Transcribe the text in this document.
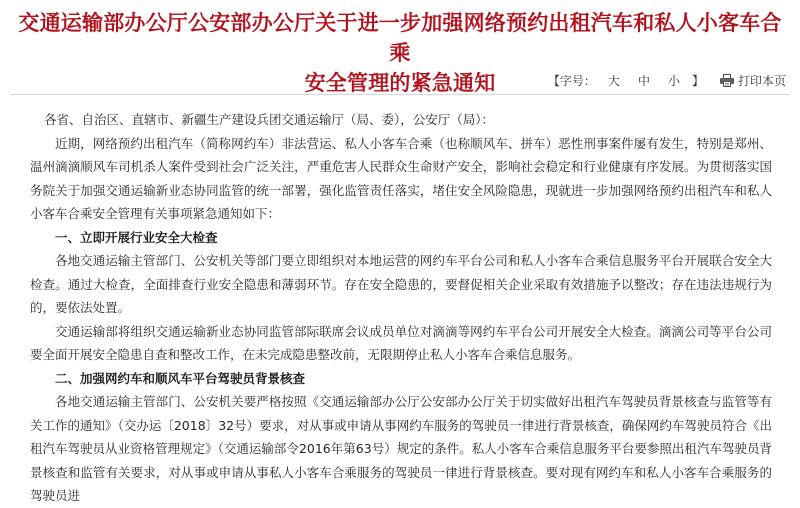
交通运输部办公厅公安部办公厅关于进一步加强网络预约出租汽车和私人小客车合乘
安全管理的紧急通知	【字号：	大	中	小	】	打印本页

各省、自治区、直辖市、新疆生产建设兵团交通运输厅（局、委），公安厅（局）：

近期，网络预约出租汽车（简称网约车）非法营运、私人小客车合乘（也称顺风车、拼车）恶性刑事案件屡有发生，特别是郑州、温州滴滴顺风车司机杀人案件受到社会广泛关注，严重危害人民群众生命财产安全，影响社会稳定和行业健康有序发展。为贯彻落实国务院关于加强交通运输新业态协同监管的统一部署，强化监管责任落实，堵住安全风险隐患，现就进一步加强网络预约出租汽车和私人小客车合乘安全管理有关事项紧急通知如下：

一、立即开展行业安全大检查

各地交通运输主管部门、公安机关等部门要立即组织对本地运营的网约车平台公司和私人小客车合乘信息服务平台开展联合安全大检查。通过大检查，全面排查行业安全隐患和薄弱环节。存在安全隐患的，要督促相关企业采取有效措施予以整改；存在违法违规行为的，要依法处置。

交通运输部将组织交通运输新业态协同监管部际联席会议成员单位对滴滴等网约车平台公司开展安全大检查。滴滴公司等平台公司要全面开展安全隐患自查和整改工作，在未完成隐患整改前，无限期停止私人小客车合乘信息服务。

二、加强网约车和顺风车平台驾驶员背景核查

各地交通运输主管部门、公安机关要严格按照《交通运输部办公厅公安部办公厅关于切实做好出租汽车驾驶员背景核查与监管等有关工作的通知》（交办运〔2018〕32号）要求，对从事或申请从事网约车服务的驾驶员一律进行背景核查，确保网约车驾驶员符合《出租汽车驾驶员从业资格管理规定》（交通运输部令2016年第63号）规定的条件。私人小客车合乘信息服务平台要参照出租汽车驾驶员背景核查和监管有关要求，对从事或申请从事私人小客车合乘服务的驾驶员一律进行背景核查。要对现有网约车和私人小客车合乘服务的驾驶员进
